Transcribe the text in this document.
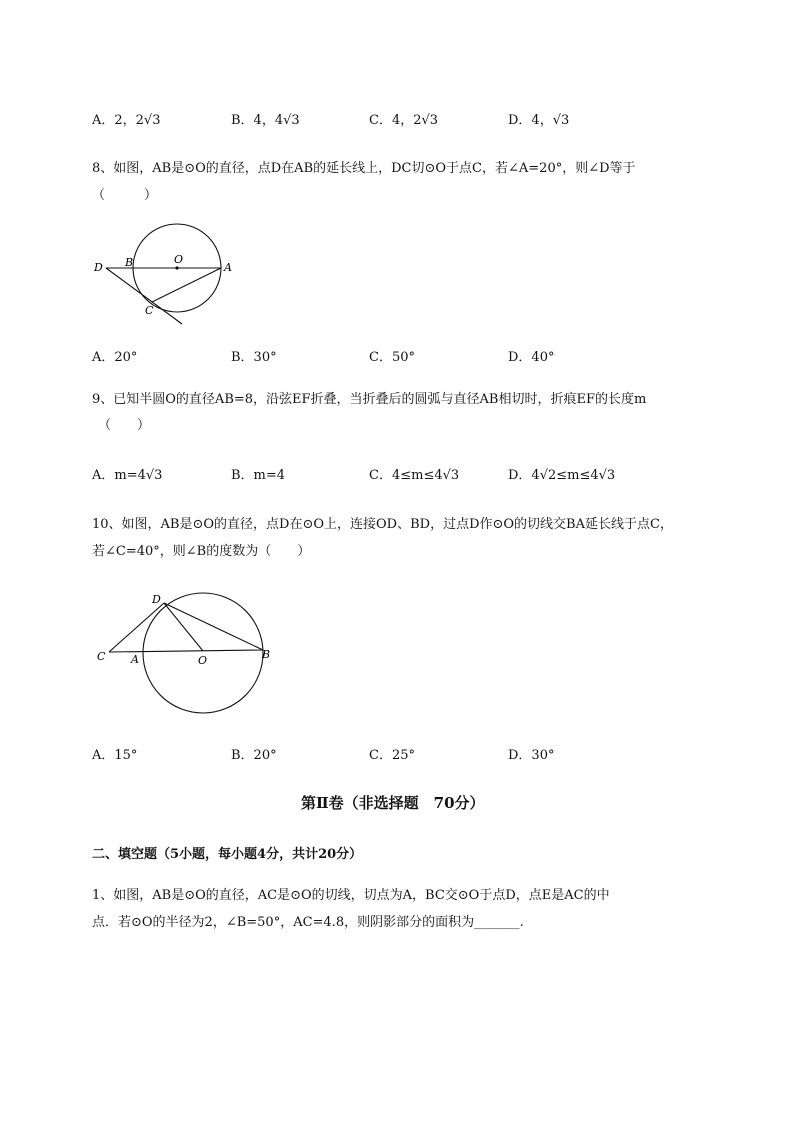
A．2，2√3	B．4，4√3	C．4，2√3	D．4，√3
8、如图，AB是⊙O的直径，点D在AB的延长线上，DC切⊙O于点C，若∠A=20°，则∠D等于
（　　　）
D B	O
A
C
A．20°	B．30°	C．50°	D．40°
9、已知半圆O的直径AB=8，沿弦EF折叠，当折叠后的圆弧与直径AB相切时，折痕EF的长度m
（　　）
A．m=4√3	B．m=4	C．4≤m≤4√3	D．4√2≤m≤4√3
10、如图，AB是⊙O的直径，点D在⊙O上，连接OD、BD，过点D作⊙O的切线交BA延长线于点C，
若∠C=40°，则∠B的度数为（　　）
D
C A	O	B
A．15°	B．20°	C．25°	D．30°
第Ⅱ卷（非选择题　70分）
二、填空题（5小题，每小题4分，共计20分）
1、如图，AB是⊙O的直径，AC是⊙O的切线，切点为A，BC交⊙O于点D，点E是AC的中
点．若⊙O的半径为2，∠B=50°，AC=4.8，则阴影部分的面积为_______.
